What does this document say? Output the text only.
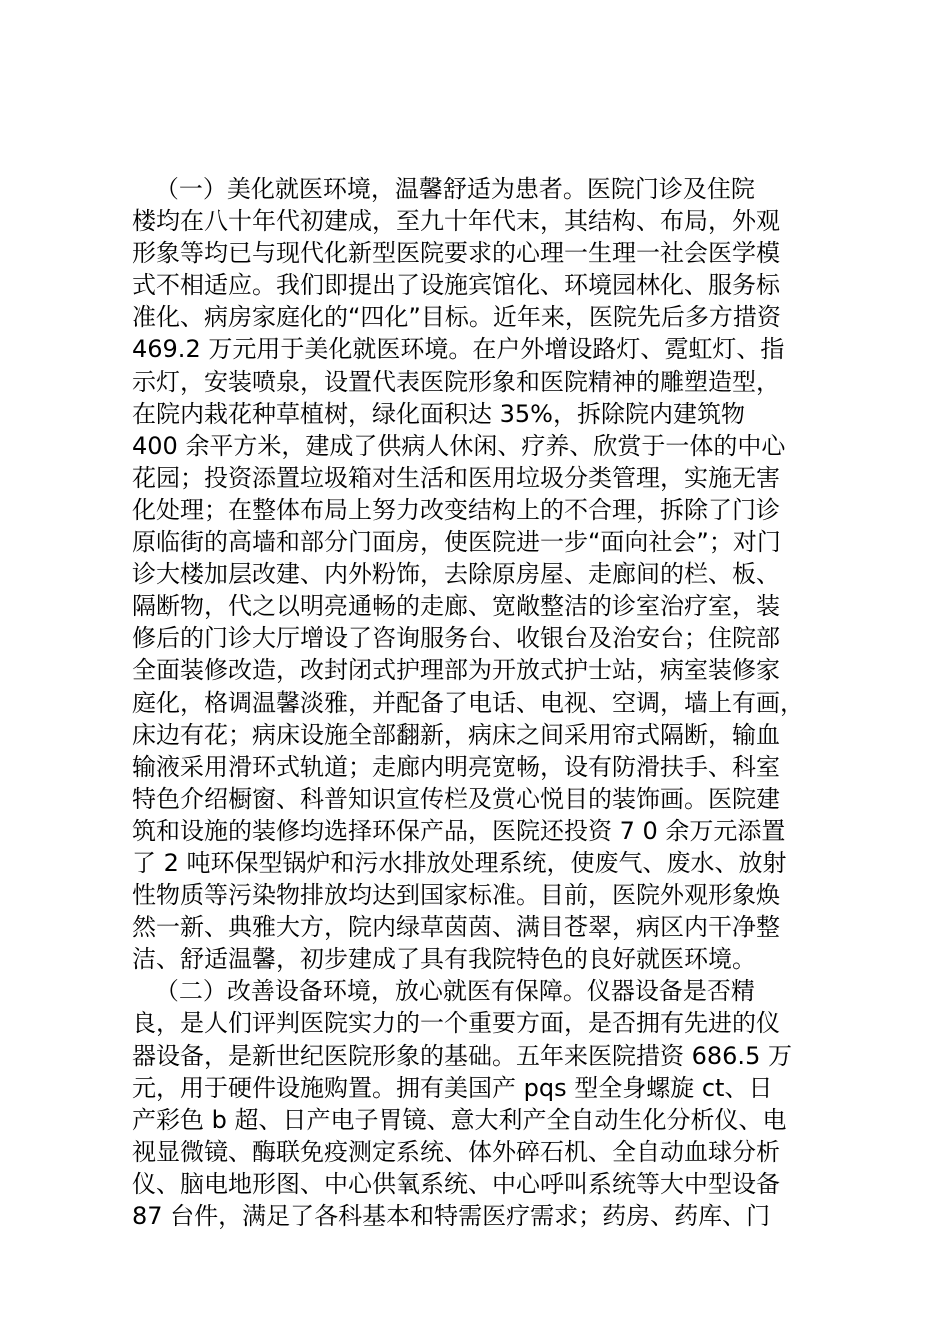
（一）美化就医环境，温馨舒适为患者。医院门诊及住院
楼均在八十年代初建成，至九十年代末，其结构、布局，外观
形象等均已与现代化新型医院要求的心理一生理一社会医学模
式不相适应。我们即提出了设施宾馆化、环境园林化、服务标
准化、病房家庭化的“四化”目标。近年来，医院先后多方措资
469.2 万元用于美化就医环境。在户外增设路灯、霓虹灯、指
示灯，安装喷泉，设置代表医院形象和医院精神的雕塑造型，
在院内栽花种草植树，绿化面积达 35%，拆除院内建筑物
400 余平方米，建成了供病人休闲、疗养、欣赏于一体的中心
花园；投资添置垃圾箱对生活和医用垃圾分类管理，实施无害
化处理；在整体布局上努力改变结构上的不合理，拆除了门诊
原临街的高墙和部分门面房，使医院进一步“面向社会”；对门
诊大楼加层改建、内外粉饰，去除原房屋、走廊间的栏、板、
隔断物，代之以明亮通畅的走廊、宽敞整洁的诊室治疗室，装
修后的门诊大厅增设了咨询服务台、收银台及治安台；住院部
全面装修改造，改封闭式护理部为开放式护士站，病室装修家
庭化，格调温馨淡雅，并配备了电话、电视、空调，墙上有画，
床边有花；病床设施全部翻新，病床之间采用帘式隔断，输血
输液采用滑环式轨道；走廊内明亮宽畅，设有防滑扶手、科室
特色介绍橱窗、科普知识宣传栏及赏心悦目的装饰画。医院建
筑和设施的装修均选择环保产品，医院还投资 7 0 余万元添置
了 2 吨环保型锅炉和污水排放处理系统，使废气、废水、放射
性物质等污染物排放均达到国家标准。目前，医院外观形象焕
然一新、典雅大方，院内绿草茵茵、满目苍翠，病区内干净整
洁、舒适温馨，初步建成了具有我院特色的良好就医环境。
（二）改善设备环境，放心就医有保障。仪器设备是否精
良，是人们评判医院实力的一个重要方面，是否拥有先进的仪
器设备，是新世纪医院形象的基础。五年来医院措资 686.5 万
元，用于硬件设施购置。拥有美国产 pqs 型全身螺旋 ct、日
产彩色 b 超、日产电子胃镜、意大利产全自动生化分析仪、电
视显微镜、酶联免疫测定系统、体外碎石机、全自动血球分析
仪、脑电地形图、中心供氧系统、中心呼叫系统等大中型设备
87 台件，满足了各科基本和特需医疗需求；药房、药库、门
